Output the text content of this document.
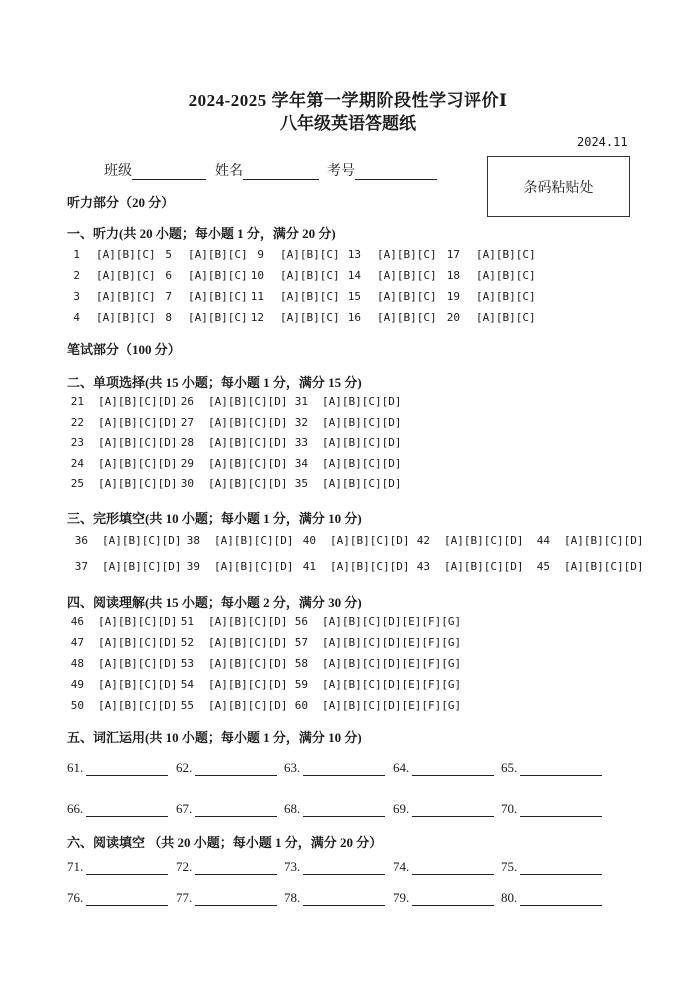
2024-2025 学年第一学期阶段性学习评价Ⅰ
八年级英语答题纸
2024.11
班级	姓名	考号
条码粘贴处
听力部分（20 分）
一、听力(共 20 小题；每小题 1 分，满分 20 分)
1 [A][B][C] 5 [A][B][C] 9 [A][B][C] 13 [A][B][C] 17 [A][B][C]
2 [A][B][C] 6 [A][B][C] 10 [A][B][C] 14 [A][B][C] 18 [A][B][C]
3 [A][B][C] 7 [A][B][C] 11 [A][B][C] 15 [A][B][C] 19 [A][B][C]
4 [A][B][C] 8 [A][B][C] 12 [A][B][C] 16 [A][B][C] 20 [A][B][C]
笔试部分（100 分）
二、单项选择(共 15 小题；每小题 1 分，满分 15 分)
21 [A][B][C][D] 26 [A][B][C][D] 31 [A][B][C][D]
22 [A][B][C][D] 27 [A][B][C][D] 32 [A][B][C][D]
23 [A][B][C][D] 28 [A][B][C][D] 33 [A][B][C][D]
24 [A][B][C][D] 29 [A][B][C][D] 34 [A][B][C][D]
25 [A][B][C][D] 30 [A][B][C][D] 35 [A][B][C][D]
三、完形填空(共 10 小题；每小题 1 分，满分 10 分)
36 [A][B][C][D] 38 [A][B][C][D] 40 [A][B][C][D] 42 [A][B][C][D]	44 [A][B][C][D]
37 [A][B][C][D] 39 [A][B][C][D] 41 [A][B][C][D] 43 [A][B][C][D]	45 [A][B][C][D]
四、阅读理解(共 15 小题；每小题 2 分，满分 30 分)
46 [A][B][C][D] 51 [A][B][C][D] 56 [A][B][C][D][E][F][G]
47 [A][B][C][D] 52 [A][B][C][D] 57 [A][B][C][D][E][F][G]
48 [A][B][C][D] 53 [A][B][C][D] 58 [A][B][C][D][E][F][G]
49 [A][B][C][D] 54 [A][B][C][D] 59 [A][B][C][D][E][F][G]
50 [A][B][C][D] 55 [A][B][C][D] 60 [A][B][C][D][E][F][G]
五、词汇运用(共 10 小题；每小题 1 分，满分 10 分)
61.	62.	63.	64.	65.
66.	67.	68.	69.	70.
六、阅读填空 （共 20 小题；每小题 1 分，满分 20 分）
71.	72.	73.	74.	75.
76.	77.	78.	79.	80.
